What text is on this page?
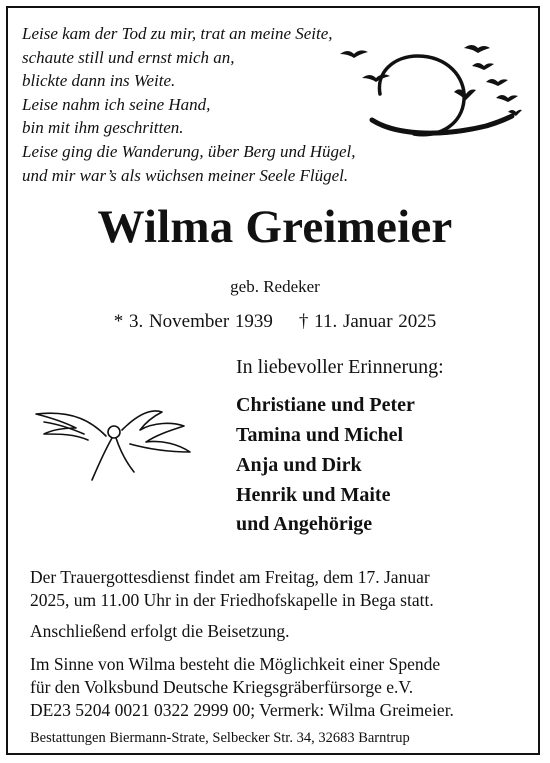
Leise kam der Tod zu mir, trat an meine Seite,
schaute still und ernst mich an,
blickte dann ins Weite.
Leise nahm ich seine Hand,
bin mit ihm geschritten.
Leise ging die Wanderung, über Berg und Hügel,
und mir war’s als wüchsen meiner Seele Flügel.
Wilma Greimeier
geb. Redeker
* 3. November 1939 † 11. Januar 2025
In liebevoller Erinnerung:
Christiane und Peter
Tamina und Michel
Anja und Dirk
Henrik und Maite
und Angehörige
Der Trauergottesdienst findet am Freitag, dem 17. Januar
2025, um 11.00 Uhr in der Friedhofskapelle in Bega statt.
Anschließend erfolgt die Beisetzung.
Im Sinne von Wilma besteht die Möglichkeit einer Spende
für den Volksbund Deutsche Kriegsgräberfürsorge e.V.
DE23 5204 0021 0322 2999 00; Vermerk: Wilma Greimeier.
Bestattungen Biermann-Strate, Selbecker Str. 34, 32683 Barntrup
